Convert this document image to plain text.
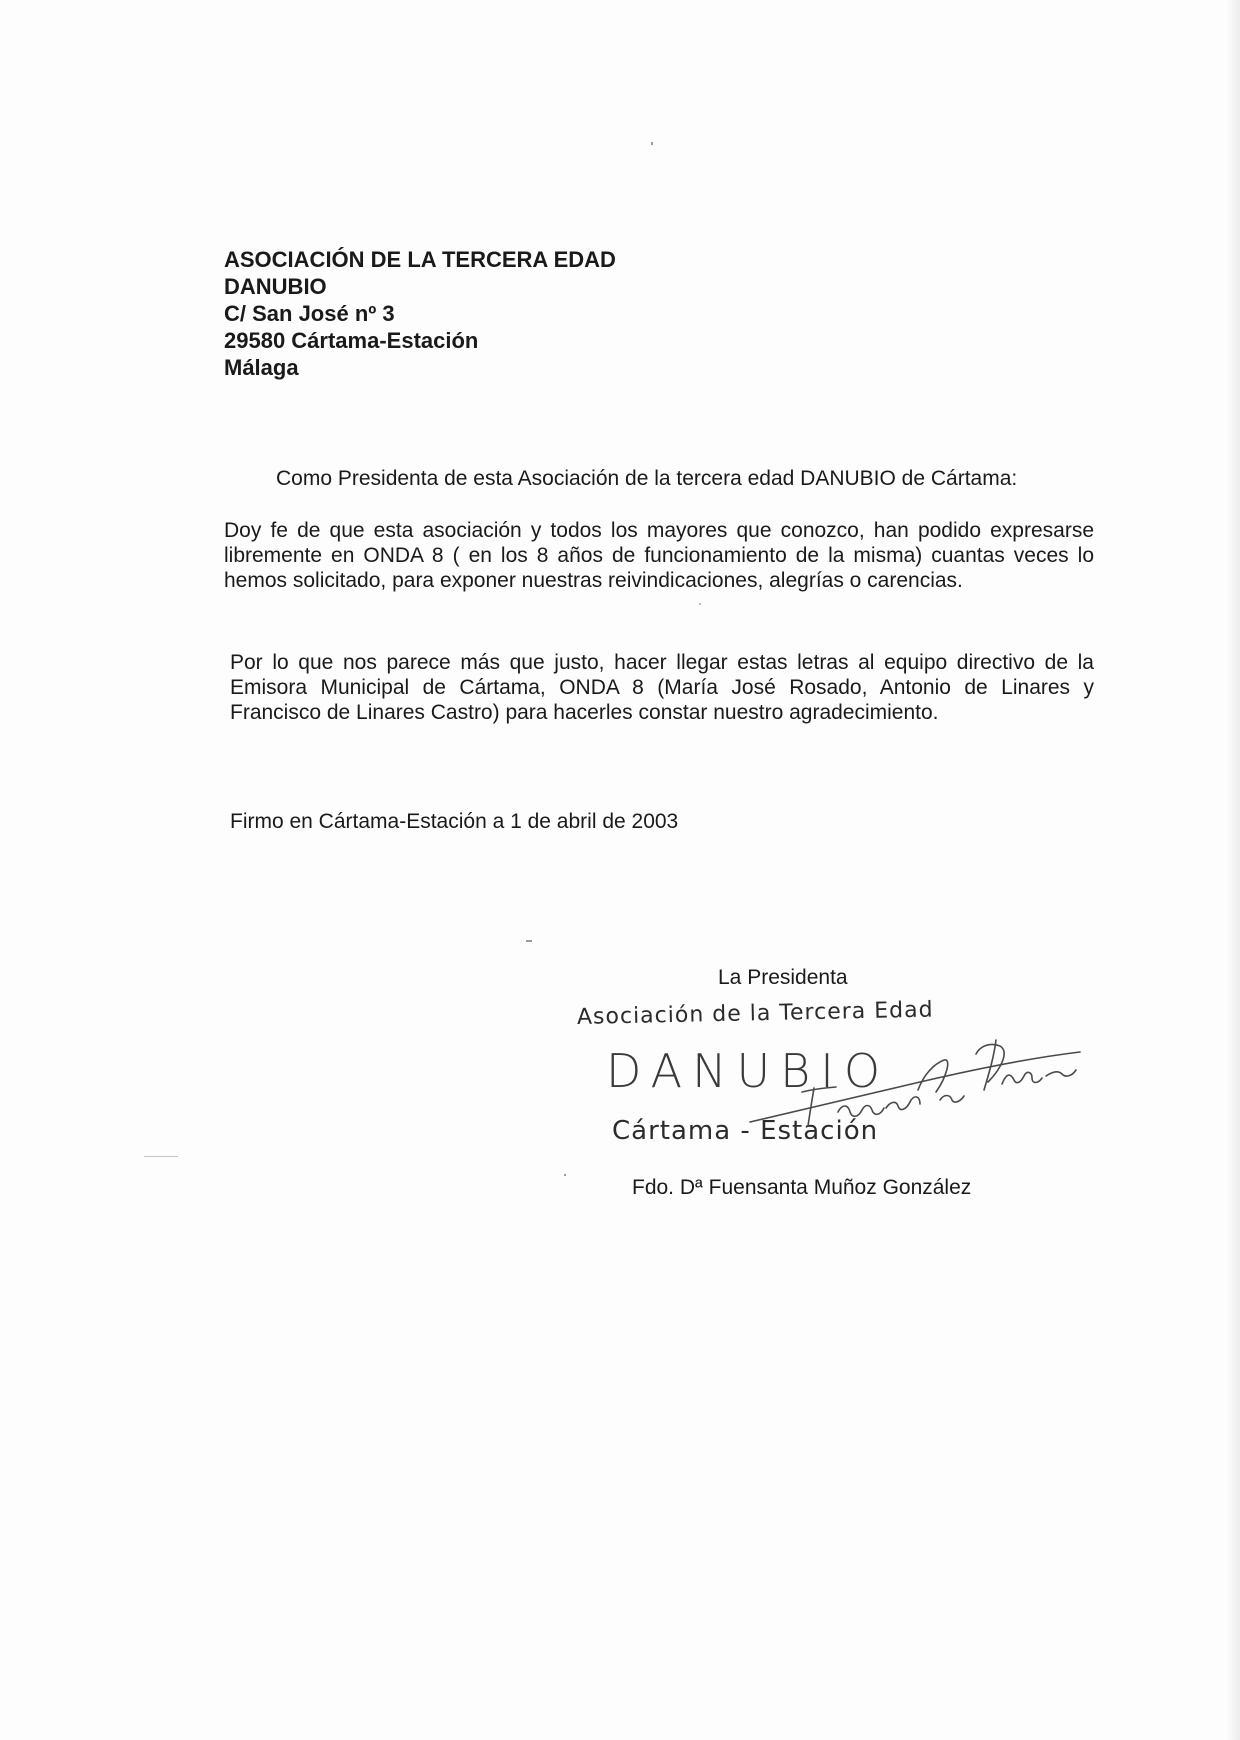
ASOCIACIÓN DE LA TERCERA EDAD
DANUBIO
C/ San José nº 3
29580 Cártama-Estación
Málaga

Como Presidenta de esta Asociación de la tercera edad DANUBIO de Cártama:

Doy fe de que esta asociación y todos los mayores que conozco, han podido expresarse libremente en ONDA 8 ( en los 8 años de funcionamiento de la misma) cuantas veces lo hemos solicitado, para exponer nuestras reivindicaciones, alegrías o carencias.

Por lo que nos parece más que justo, hacer llegar estas letras al equipo directivo de la Emisora Municipal de Cártama, ONDA 8 (María José Rosado, Antonio de Linares y Francisco de Linares Castro) para hacerles constar nuestro agradecimiento.

Firmo en Cártama-Estación a 1 de abril de 2003

La Presidenta
Asociación de la Tercera Edad
DANUBIO
Cártama - Estación
Fdo. Dª Fuensanta Muñoz González
